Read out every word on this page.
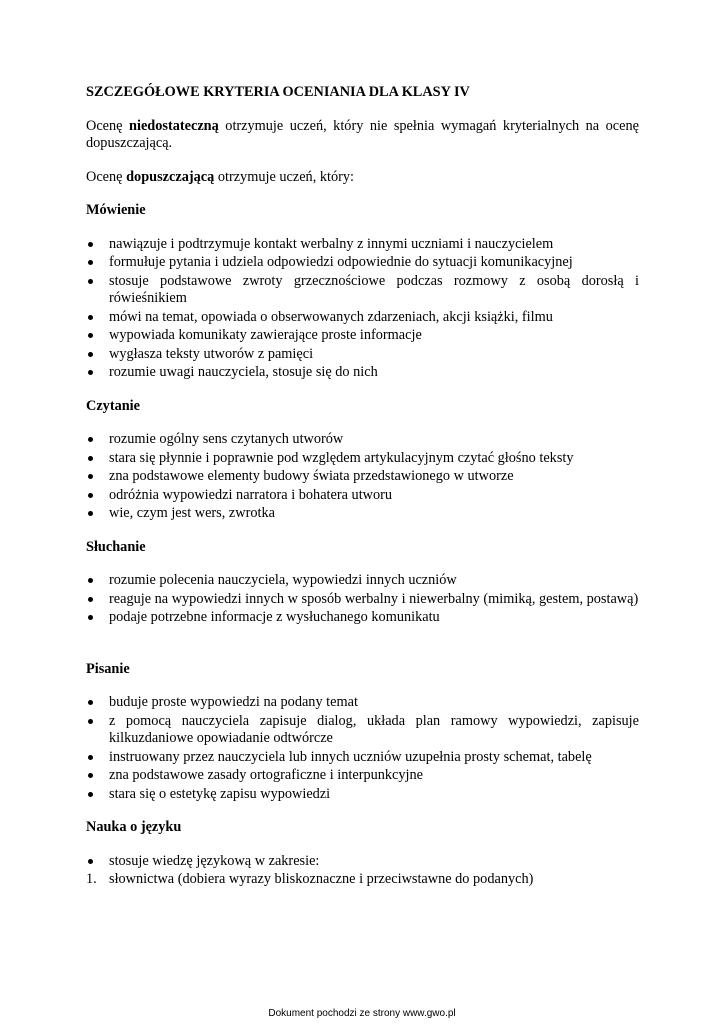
SZCZEGÓŁOWE KRYTERIA OCENIANIA DLA KLASY IV
Ocenę niedostateczną otrzymuje uczeń, który nie spełnia wymagań kryterialnych na ocenę dopuszczającą.
Ocenę dopuszczającą otrzymuje uczeń, który:
Mówienie
nawiązuje i podtrzymuje kontakt werbalny z innymi uczniami i nauczycielem
formułuje pytania i udziela odpowiedzi odpowiednie do sytuacji komunikacyjnej
stosuje podstawowe zwroty grzecznościowe podczas rozmowy z osobą dorosłą i rówieśnikiem
mówi na temat, opowiada o obserwowanych zdarzeniach, akcji książki, filmu
wypowiada komunikaty zawierające proste informacje
wygłasza teksty utworów z pamięci
rozumie uwagi nauczyciela, stosuje się do nich
Czytanie
rozumie ogólny sens czytanych utworów
stara się płynnie i poprawnie pod względem artykulacyjnym czytać głośno teksty
zna podstawowe elementy budowy świata przedstawionego w utworze
odróżnia wypowiedzi narratora i bohatera utworu
wie, czym jest wers, zwrotka
Słuchanie
rozumie polecenia nauczyciela, wypowiedzi innych uczniów
reaguje na wypowiedzi innych w sposób werbalny i niewerbalny (mimiką, gestem, postawą)
podaje potrzebne informacje z wysłuchanego komunikatu
Pisanie
buduje proste wypowiedzi na podany temat
z pomocą nauczyciela zapisuje dialog, układa plan ramowy wypowiedzi, zapisuje kilkuzdaniowe opowiadanie odtwórcze
instruowany przez nauczyciela lub innych uczniów uzupełnia prosty schemat, tabelę
zna podstawowe zasady ortograficzne i interpunkcyjne
stara się o estetykę zapisu wypowiedzi
Nauka o języku
stosuje wiedzę językową w zakresie:
1. słownictwa (dobiera wyrazy bliskoznaczne i przeciwstawne do podanych)
Dokument pochodzi ze strony www.gwo.pl
